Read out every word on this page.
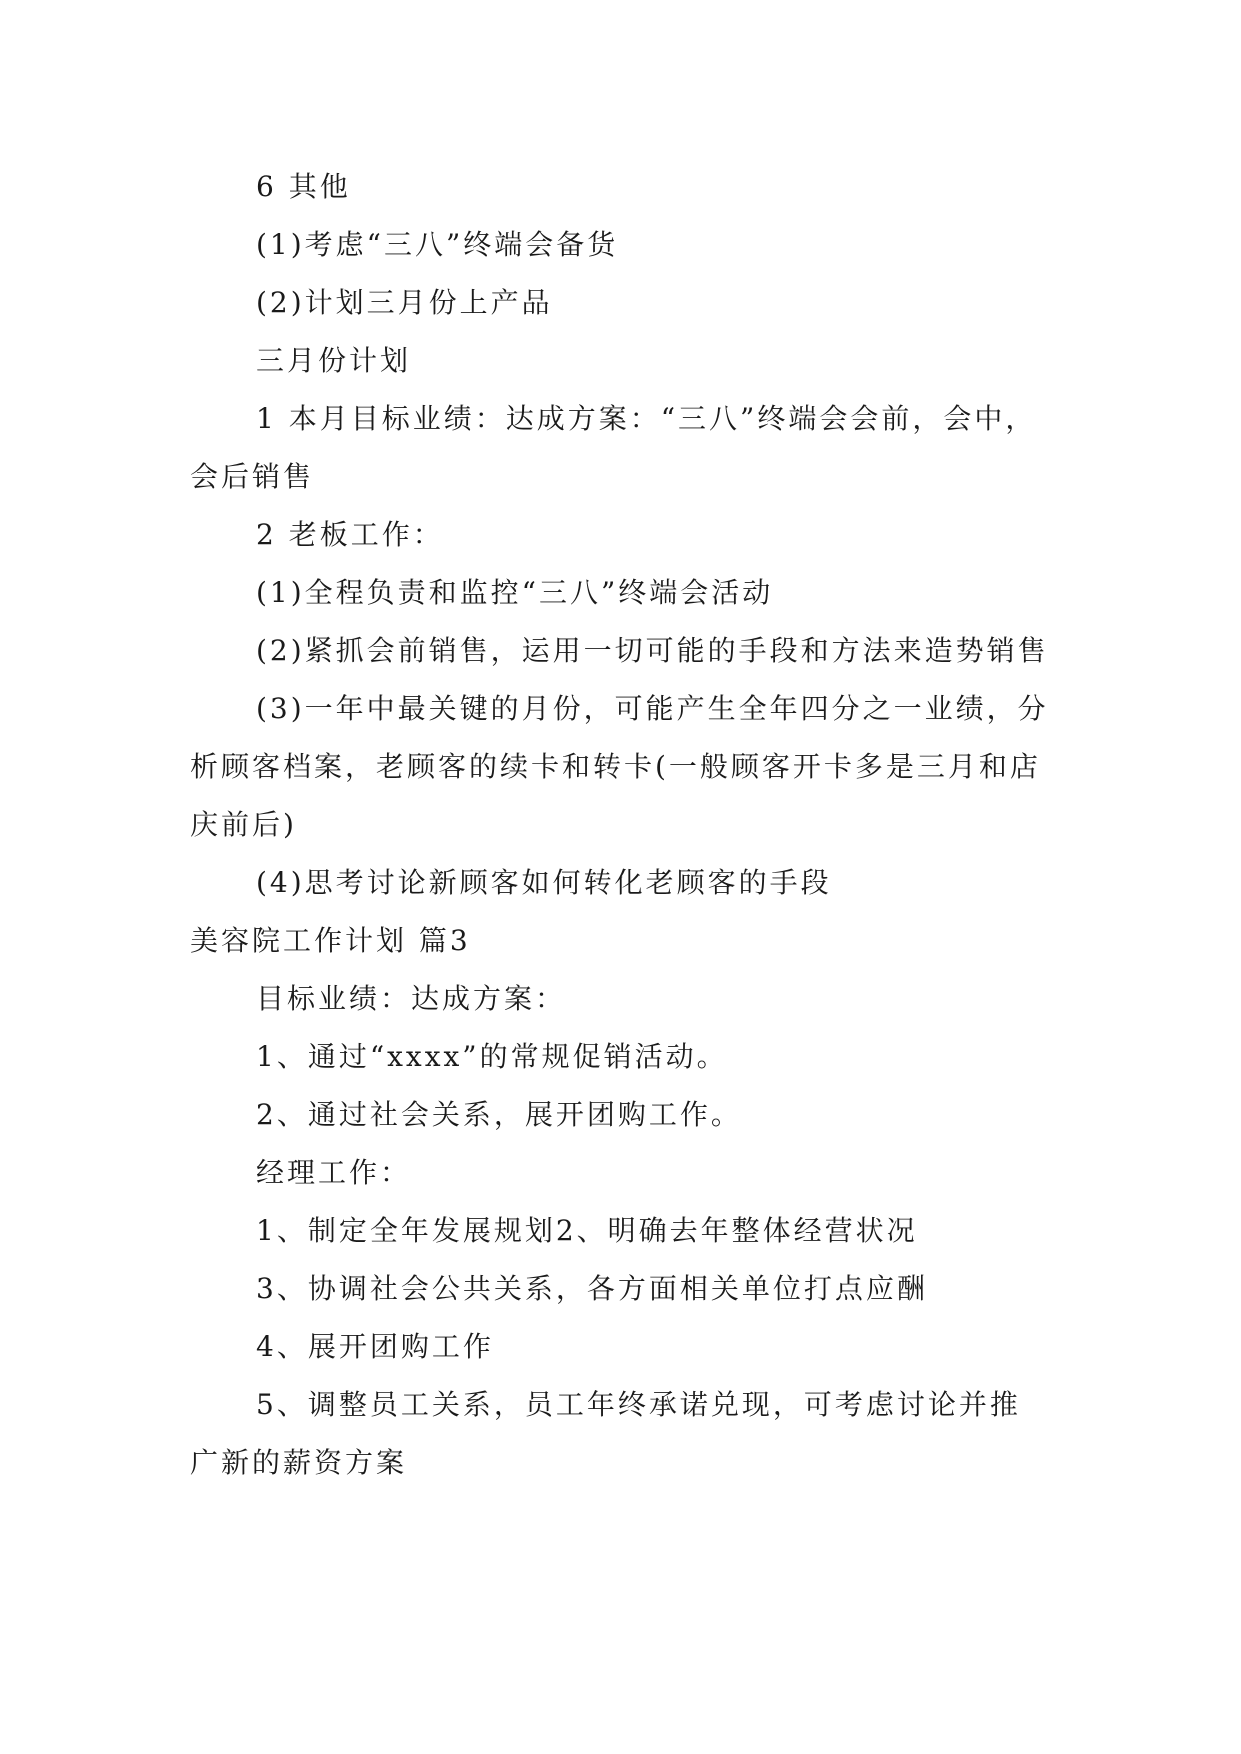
6 其他

(1)考虑“三八”终端会备货

(2)计划三月份上产品

三月份计划

1 本月目标业绩：达成方案：“三八”终端会会前，会中，会后销售

2 老板工作：

(1)全程负责和监控“三八”终端会活动

(2)紧抓会前销售，运用一切可能的手段和方法来造势销售

(3)一年中最关键的月份，可能产生全年四分之一业绩，分析顾客档案，老顾客的续卡和转卡(一般顾客开卡多是三月和店庆前后)

(4)思考讨论新顾客如何转化老顾客的手段

美容院工作计划 篇3

目标业绩：达成方案：

1、通过“xxxx”的常规促销活动。

2、通过社会关系，展开团购工作。

经理工作：

1、制定全年发展规划2、明确去年整体经营状况

3、协调社会公共关系，各方面相关单位打点应酬

4、展开团购工作

5、调整员工关系，员工年终承诺兑现，可考虑讨论并推广新的薪资方案
